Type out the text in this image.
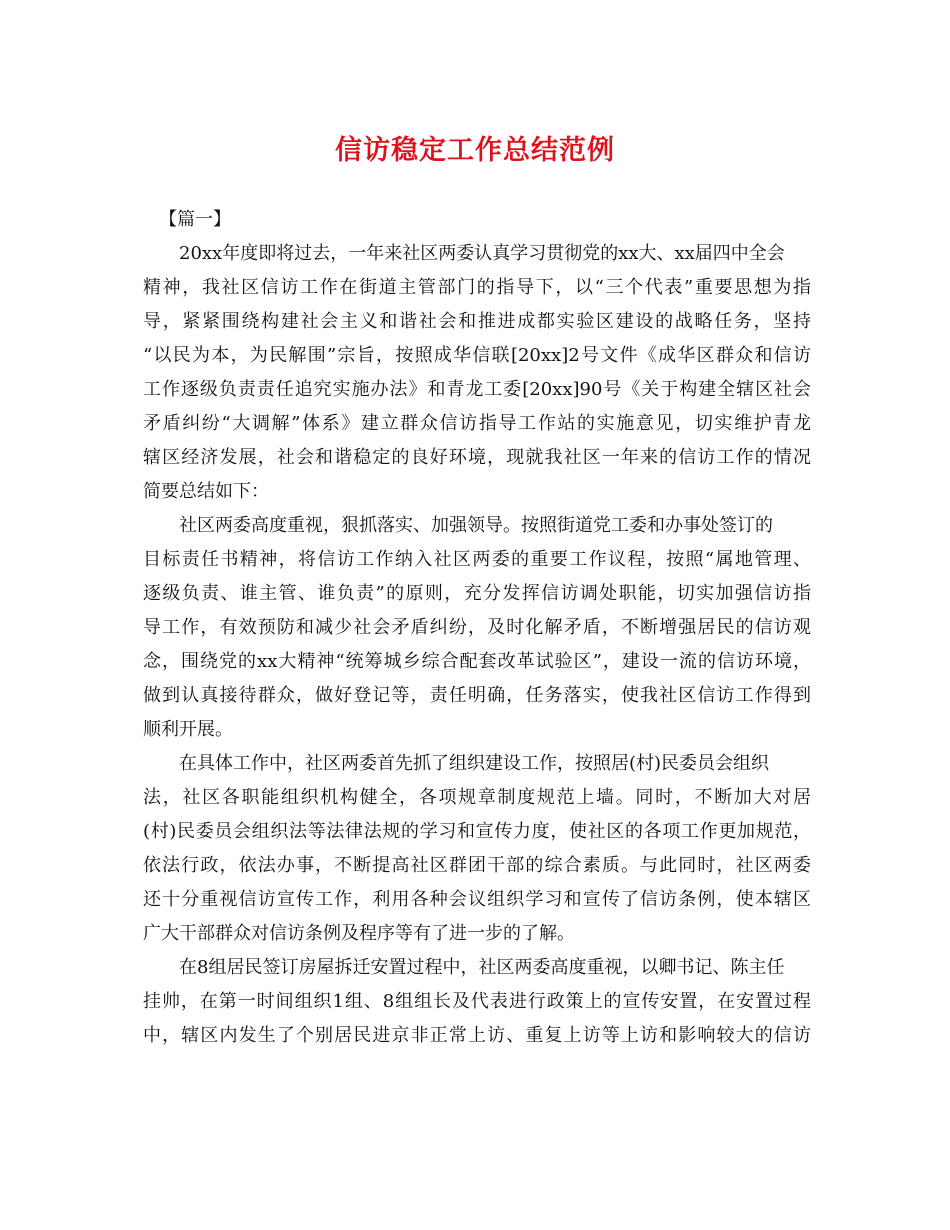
信访稳定工作总结范例
【篇一】
20xx年度即将过去，一年来社区两委认真学习贯彻党的xx大、xx届四中全会
精神，我社区信访工作在街道主管部门的指导下，以“三个代表”重要思想为指
导，紧紧围绕构建社会主义和谐社会和推进成都实验区建设的战略任务，坚持
“以民为本，为民解围”宗旨，按照成华信联[20xx]2号文件《成华区群众和信访
工作逐级负责责任追究实施办法》和青龙工委[20xx]90号《关于构建全辖区社会
矛盾纠纷“大调解”体系》建立群众信访指导工作站的实施意见，切实维护青龙
辖区经济发展，社会和谐稳定的良好环境，现就我社区一年来的信访工作的情况
简要总结如下：
社区两委高度重视，狠抓落实、加强领导。按照街道党工委和办事处签订的
目标责任书精神，将信访工作纳入社区两委的重要工作议程，按照“属地管理、
逐级负责、谁主管、谁负责”的原则，充分发挥信访调处职能，切实加强信访指
导工作，有效预防和减少社会矛盾纠纷，及时化解矛盾，不断增强居民的信访观
念，围绕党的xx大精神“统筹城乡综合配套改革试验区”，建设一流的信访环境，
做到认真接待群众，做好登记等，责任明确，任务落实，使我社区信访工作得到
顺利开展。
在具体工作中，社区两委首先抓了组织建设工作，按照居(村)民委员会组织
法，社区各职能组织机构健全，各项规章制度规范上墙。同时，不断加大对居
(村)民委员会组织法等法律法规的学习和宣传力度，使社区的各项工作更加规范，
依法行政，依法办事，不断提高社区群团干部的综合素质。与此同时，社区两委
还十分重视信访宣传工作，利用各种会议组织学习和宣传了信访条例，使本辖区
广大干部群众对信访条例及程序等有了进一步的了解。
在8组居民签订房屋拆迁安置过程中，社区两委高度重视，以卿书记、陈主任
挂帅，在第一时间组织1组、8组组长及代表进行政策上的宣传安置，在安置过程
中，辖区内发生了个别居民进京非正常上访、重复上访等上访和影响较大的信访
